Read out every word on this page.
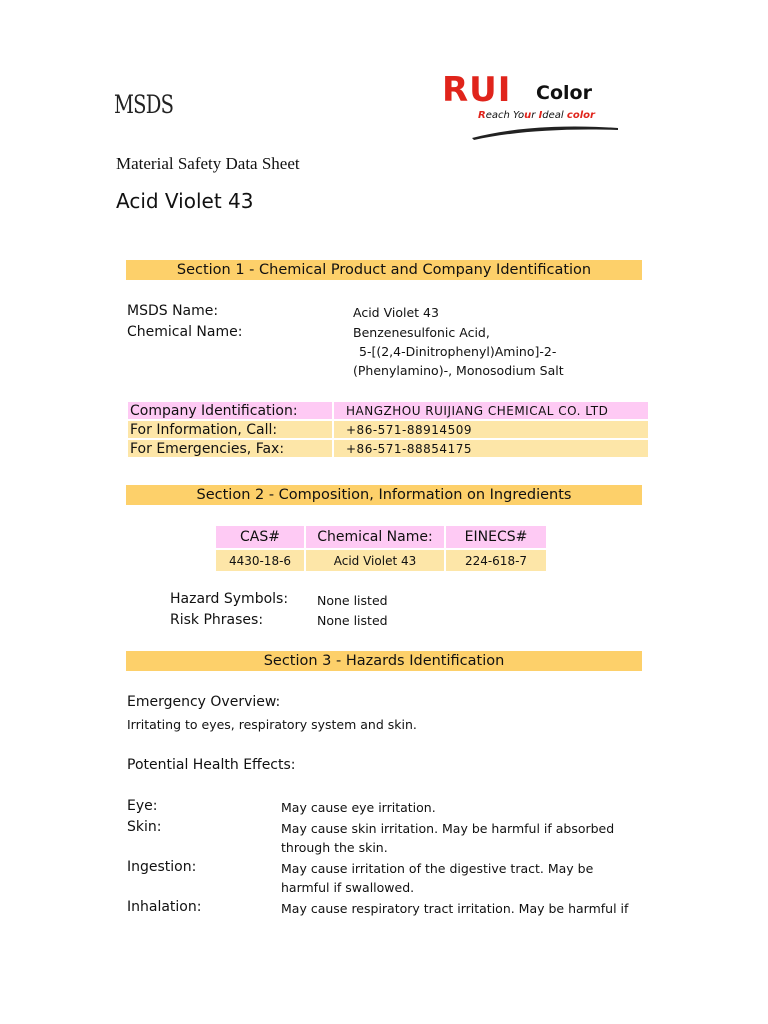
MSDS
Material Safety Data Sheet
Acid Violet 43
RUI Color
Reach Your Ideal color
Section 1 - Chemical Product and Company Identification
MSDS Name:	Acid Violet 43
Chemical Name:	Benzenesulfonic Acid,
5-[(2,4-Dinitrophenyl)Amino]-2-
(Phenylamino)-, Monosodium Salt
Company Identification:	HANGZHOU RUIJIANG CHEMICAL CO. LTD
For Information, Call:	+86-571-88914509
For Emergencies, Fax:	+86-571-88854175
Section 2 - Composition, Information on Ingredients
CAS#	Chemical Name:	EINECS#
4430-18-6	Acid Violet 43	224-618-7
Hazard Symbols: None listed
Risk Phrases:	None listed
Section 3 - Hazards Identification
Emergency Overview:
Irritating to eyes, respiratory system and skin.
Potential Health Effects:
Eye:	May cause eye irritation.
Skin:	May cause skin irritation. May be harmful if absorbed
through the skin.
Ingestion:	May cause irritation of the digestive tract. May be
harmful if swallowed.
Inhalation:	May cause respiratory tract irritation. May be harmful if
